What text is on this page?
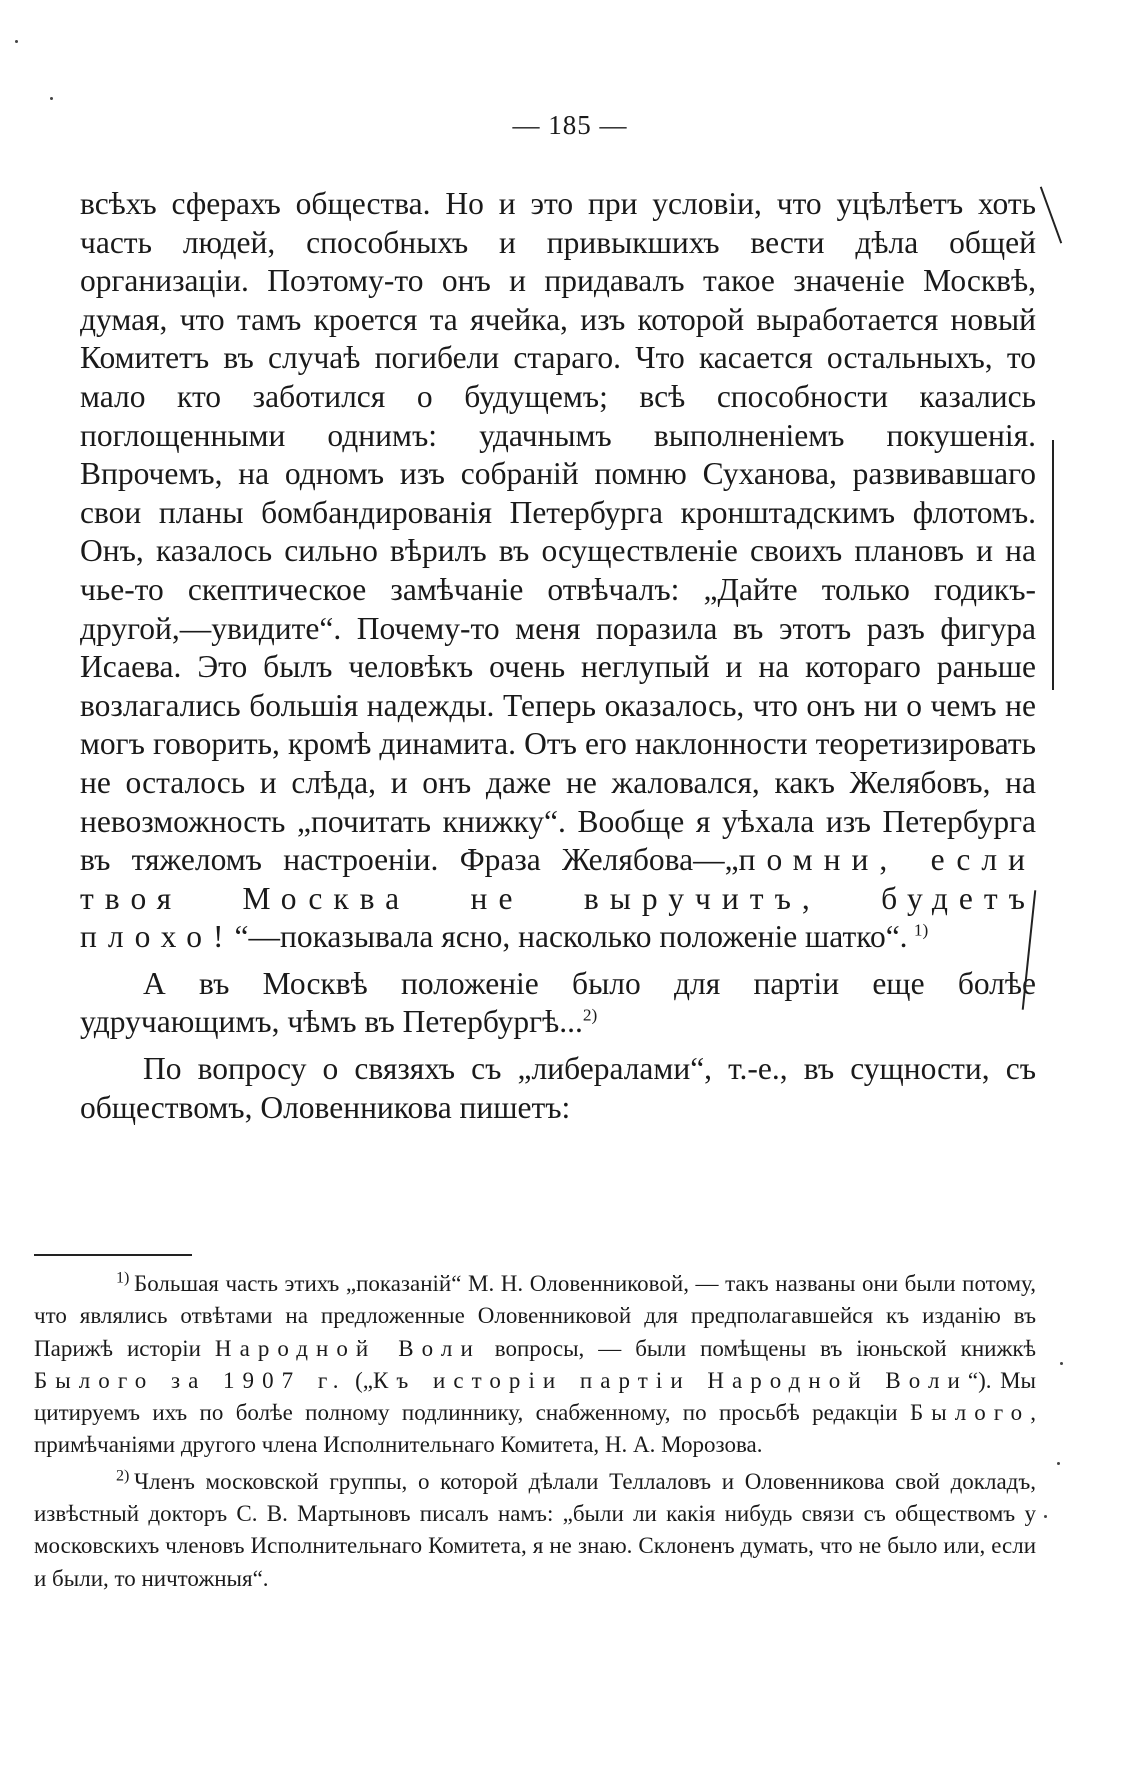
— 185 —

всѣхъ сферахъ общества. Но и это при условіи, что уцѣлѣетъ хоть часть людей, способныхъ и привыкшихъ вести дѣла общей организаціи. Поэтому-то онъ и придавалъ такое значеніе Москвѣ, думая, что тамъ кроется та ячейка, изъ которой выработается новый Комитетъ въ случаѣ погибели стараго. Что касается остальныхъ, то мало кто заботился о будущемъ; всѣ способности казались поглощенными однимъ: удачнымъ выполненіемъ покушенія. Впрочемъ, на одномъ изъ собраній помню Суханова, развивавшаго свои планы бомбандированія Петербурга кронштадскимъ флотомъ. Онъ, казалось сильно вѣрилъ въ осуществленіе своихъ плановъ и на чье-то скептическое замѣчаніе отвѣчалъ: „Дайте только годикъ-другой,—увидите“. Почему-то меня поразила въ этотъ разъ фигура Исаева. Это былъ человѣкъ очень неглупый и на котораго раньше возлагались большія надежды. Теперь оказалось, что онъ ни о чемъ не могъ говорить, кромѣ динамита. Отъ его наклонности теоретизировать не осталось и слѣда, и онъ даже не жаловался, какъ Желябовъ, на невозможность „почитать книжку“. Вообще я уѣхала изъ Петербурга въ тяжеломъ настроеніи. Фраза Желябова—„помни, если твоя Москва не выручитъ, будетъ плохо!“—показывала ясно, насколько положеніе шатко“.  $^{1)}$

  А въ Москвѣ положеніе было для партіи еще болѣе удручающимъ, чѣмъ въ Петербургѣ...$^{2)}$

  По вопросу о связяхъ съ „либералами“, т.-е., въ сущности, съ обществомъ, Оловенникова пишетъ:

$^{1)}$  Большая часть этихъ „показаній“ М. Н. Оловенниковой, — такъ названы они были потому, что являлись отвѣтами на предложенные Оловенниковой для предполагавшейся къ изданію въ Парижѣ исторіи Народной Воли вопросы, — были помѣщены въ іюньской книжкѣ Былого за 1907 г. („Къ исторіи партіи Народной Воли“). Мы цитируемъ ихъ по болѣе полному подлиннику, снабженному, по просьбѣ редакціи Былого, примѣчаніями другого члена Исполнительнаго Комитета, Н. А. Морозова.

$^{2)}$  Членъ московской группы, о которой дѣлали Теллаловъ и Оловенникова свой докладъ, извѣстный докторъ С. В. Мартыновъ писалъ намъ: „были ли какія нибудь связи съ обществомъ у московскихъ членовъ Исполнительнаго Комитета, я не знаю. Склоненъ думать, что не было или, если и были, то ничтожныя“.
